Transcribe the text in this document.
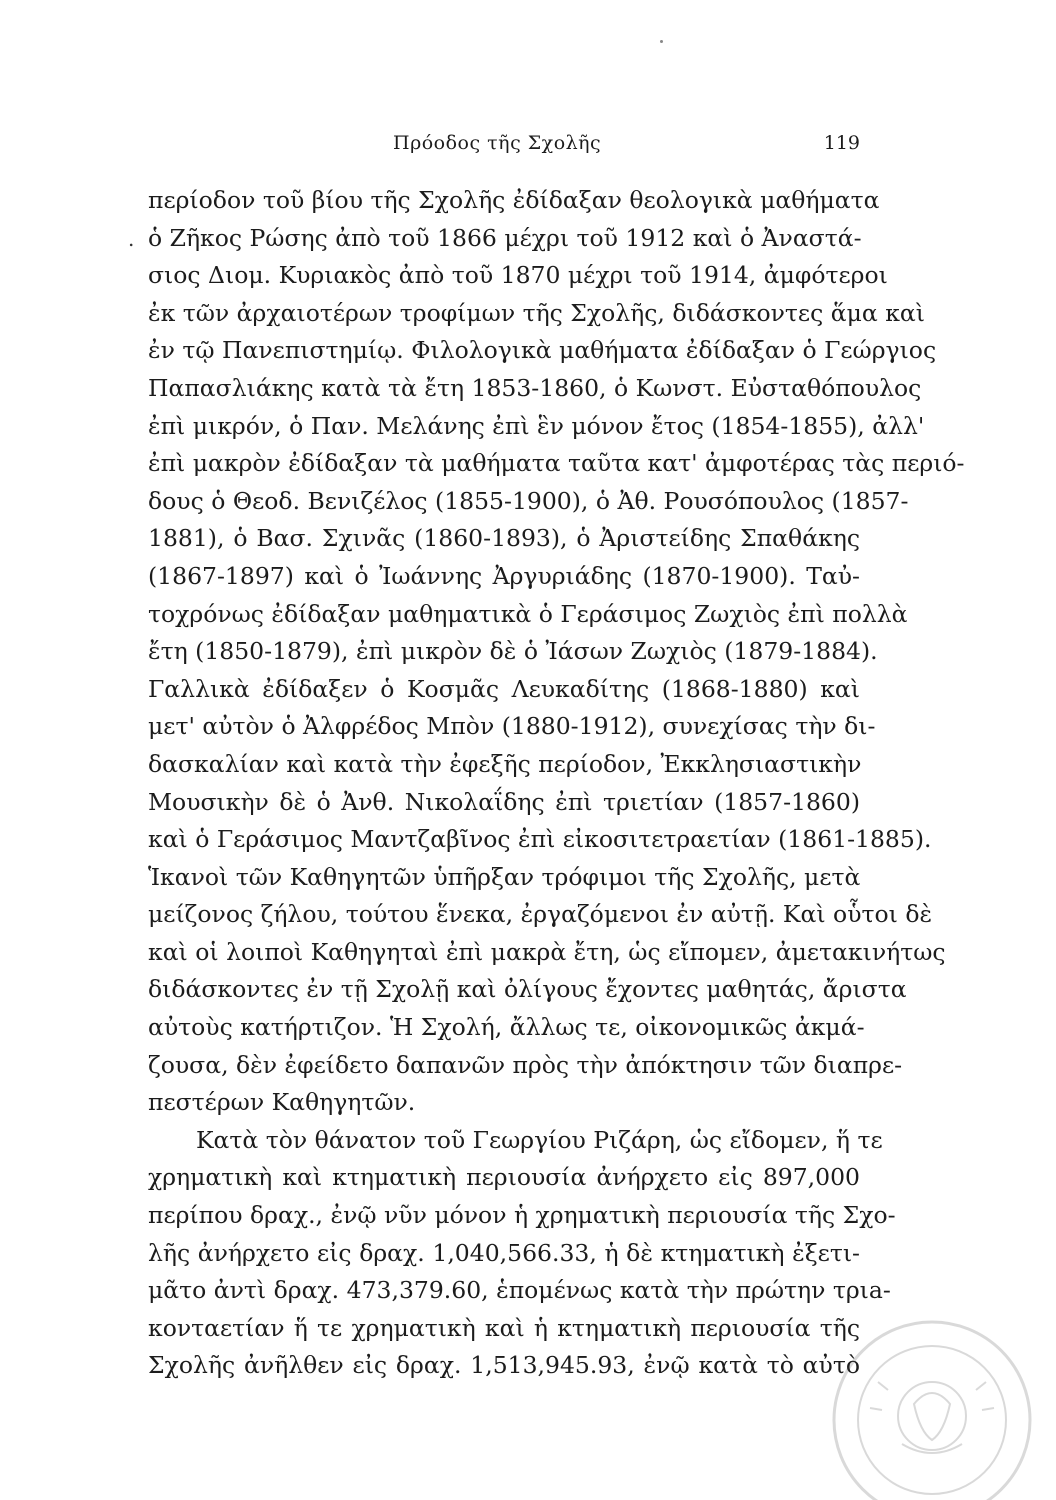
Πρόοδος τῆς Σχολῆς	119
.
περίοδον τοῦ βίου τῆς Σχολῆς ἐδίδαξαν θεολογικὰ μαθήματα
ὁ Ζῆκος Ρώσης ἀπὸ τοῦ 1866 μέχρι τοῦ 1912 καὶ ὁ Ἀναστά-
σιος Διομ. Κυριακὸς ἀπὸ τοῦ 1870 μέχρι τοῦ 1914, ἀμφότεροι
ἐκ τῶν ἀρχαιοτέρων τροφίμων τῆς Σχολῆς, διδάσκοντες ἅμα καὶ
ἐν τῷ Πανεπιστημίῳ. Φιλολογικὰ μαθήματα ἐδίδαξαν ὁ Γεώργιος
Παπασλιάκης κατὰ τὰ ἔτη 1853-1860, ὁ Κωνστ. Εὐσταθόπουλος
ἐπὶ μικρόν, ὁ Παν. Μελάνης ἐπὶ ἓν μόνον ἔτος (1854-1855), ἀλλ'
ἐπὶ μακρὸν ἐδίδαξαν τὰ μαθήματα ταῦτα κατ' ἀμφοτέρας τὰς περιό-
δους ὁ Θεοδ. Βενιζέλος (1855-1900), ὁ Ἀθ. Ρουσόπουλος (1857-
1881), ὁ Βασ. Σχινᾶς (1860-1893), ὁ Ἀριστείδης Σπαθάκης
(1867-1897) καὶ ὁ Ἰωάννης Ἀργυριάδης (1870-1900). Ταὐ-
τοχρόνως ἐδίδαξαν μαθηματικὰ ὁ Γεράσιμος Ζωχιὸς ἐπὶ πολλὰ
ἔτη (1850-1879), ἐπὶ μικρὸν δὲ ὁ Ἰάσων Ζωχιὸς (1879-1884).
Γαλλικὰ ἐδίδαξεν ὁ Κοσμᾶς Λευκαδίτης (1868-1880) καὶ
μετ' αὐτὸν ὁ Ἀλφρέδος Μπὸν (1880-1912), συνεχίσας τὴν δι-
δασκαλίαν καὶ κατὰ τὴν ἐφεξῆς περίοδον, Ἐκκλησιαστικὴν
Μουσικὴν δὲ ὁ Ἀνθ. Νικολαΐδης ἐπὶ τριετίαν (1857-1860)
καὶ ὁ Γεράσιμος Μαντζαβῖνος ἐπὶ εἰκοσιτετραετίαν (1861-1885).
Ἱκανοὶ τῶν Καθηγητῶν ὑπῆρξαν τρόφιμοι τῆς Σχολῆς, μετὰ
μείζονος ζήλου, τούτου ἕνεκα, ἐργαζόμενοι ἐν αὐτῇ. Καὶ οὗτοι δὲ
καὶ οἱ λοιποὶ Καθηγηταὶ ἐπὶ μακρὰ ἔτη, ὡς εἴπομεν, ἀμετακινήτως
διδάσκοντες ἐν τῇ Σχολῇ καὶ ὀλίγους ἔχοντες μαθητάς, ἄριστα
αὐτοὺς κατήρτιζον. Ἡ Σχολή, ἄλλως τε, οἰκονομικῶς ἀκμά-
ζουσα, δὲν ἐφείδετο δαπανῶν πρὸς τὴν ἀπόκτησιν τῶν διαπρε-
πεστέρων Καθηγητῶν.
Κατὰ τὸν θάνατον τοῦ Γεωργίου Ριζάρη, ὡς εἴδομεν, ἥ τε
χρηματικὴ καὶ κτηματικὴ περιουσία ἀνήρχετο εἰς 897,000
περίπου δραχ., ἐνῷ νῦν μόνον ἡ χρηματικὴ περιουσία τῆς Σχο-
λῆς ἀνήρχετο εἰς δραχ. 1,040,566.33, ἡ δὲ κτηματικὴ ἐξετι-
μᾶτο ἀντὶ δραχ. 473,379.60, ἑπομένως κατὰ τὴν πρώτην τριa-
κονταετίαν ἥ τε χρηματικὴ καὶ ἡ κτηματικὴ περιουσία τῆς
Σχολῆς ἀνῆλθεν εἰς δραχ. 1,513,945.93, ἐνῷ κατὰ τὸ αὐτὸ
